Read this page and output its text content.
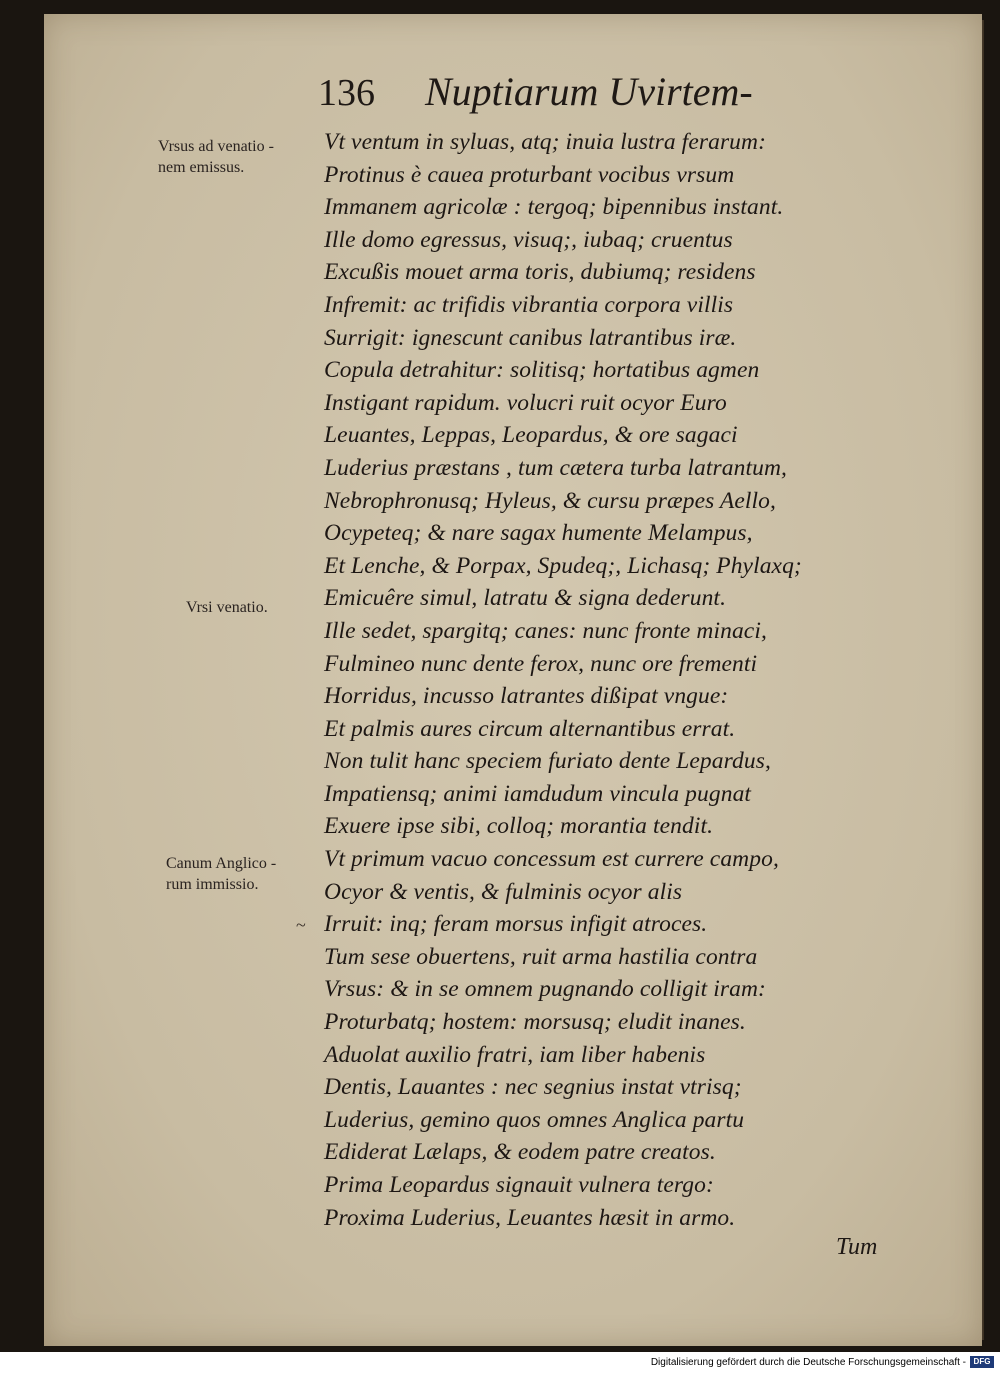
136 Nuptiarum Uvirtem-
Vrsus ad venatio -
nem emissus.
Vrsi venatio.
Canum Anglico -
rum immissio.
~
Vt ventum in syluas, atq; inuia lustra ferarum:
Protinus è cauea proturbant vocibus vrsum
Immanem agricolæ : tergoq; bipennibus instant.
Ille domo egressus, visuq;, iubaq; cruentus
Excußis mouet arma toris, dubiumq; residens
Infremit: ac trifidis vibrantia corpora villis
Surrigit: ignescunt canibus latrantibus iræ.
Copula detrahitur: solitisq; hortatibus agmen
Instigant rapidum. volucri ruit ocyor Euro
Leuantes, Leppas, Leopardus, & ore sagaci
Luderius præstans , tum cætera turba latrantum,
Nebrophronusq; Hyleus, & cursu præpes Aello,
Ocypeteq; & nare sagax humente Melampus,
Et Lenche, & Porpax, Spudeq;, Lichasq; Phylaxq;
Emicuêre simul, latratu & signa dederunt.
Ille sedet, spargitq; canes: nunc fronte minaci,
Fulmineo nunc dente ferox, nunc ore frementi
Horridus, incusso latrantes dißipat vngue:
Et palmis aures circum alternantibus errat.
Non tulit hanc speciem furiato dente Lepardus,
Impatiensq; animi iamdudum vincula pugnat
Exuere ipse sibi, colloq; morantia tendit.
Vt primum vacuo concessum est currere campo,
Ocyor & ventis, & fulminis ocyor alis
Irruit: inq; feram morsus infigit atroces.
Tum sese obuertens, ruit arma hastilia contra
Vrsus: & in se omnem pugnando colligit iram:
Proturbatq; hostem: morsusq; eludit inanes.
Aduolat auxilio fratri, iam liber habenis
Dentis, Lauantes : nec segnius instat vtrisq;
Luderius, gemino quos omnes Anglica partu
Ediderat Lælaps, & eodem patre creatos.
Prima Leopardus signauit vulnera tergo:
Proxima Luderius, Leuantes hæsit in armo.
Tum
Digitalisierung gefördert durch die Deutsche Forschungsgemeinschaft - DFG
